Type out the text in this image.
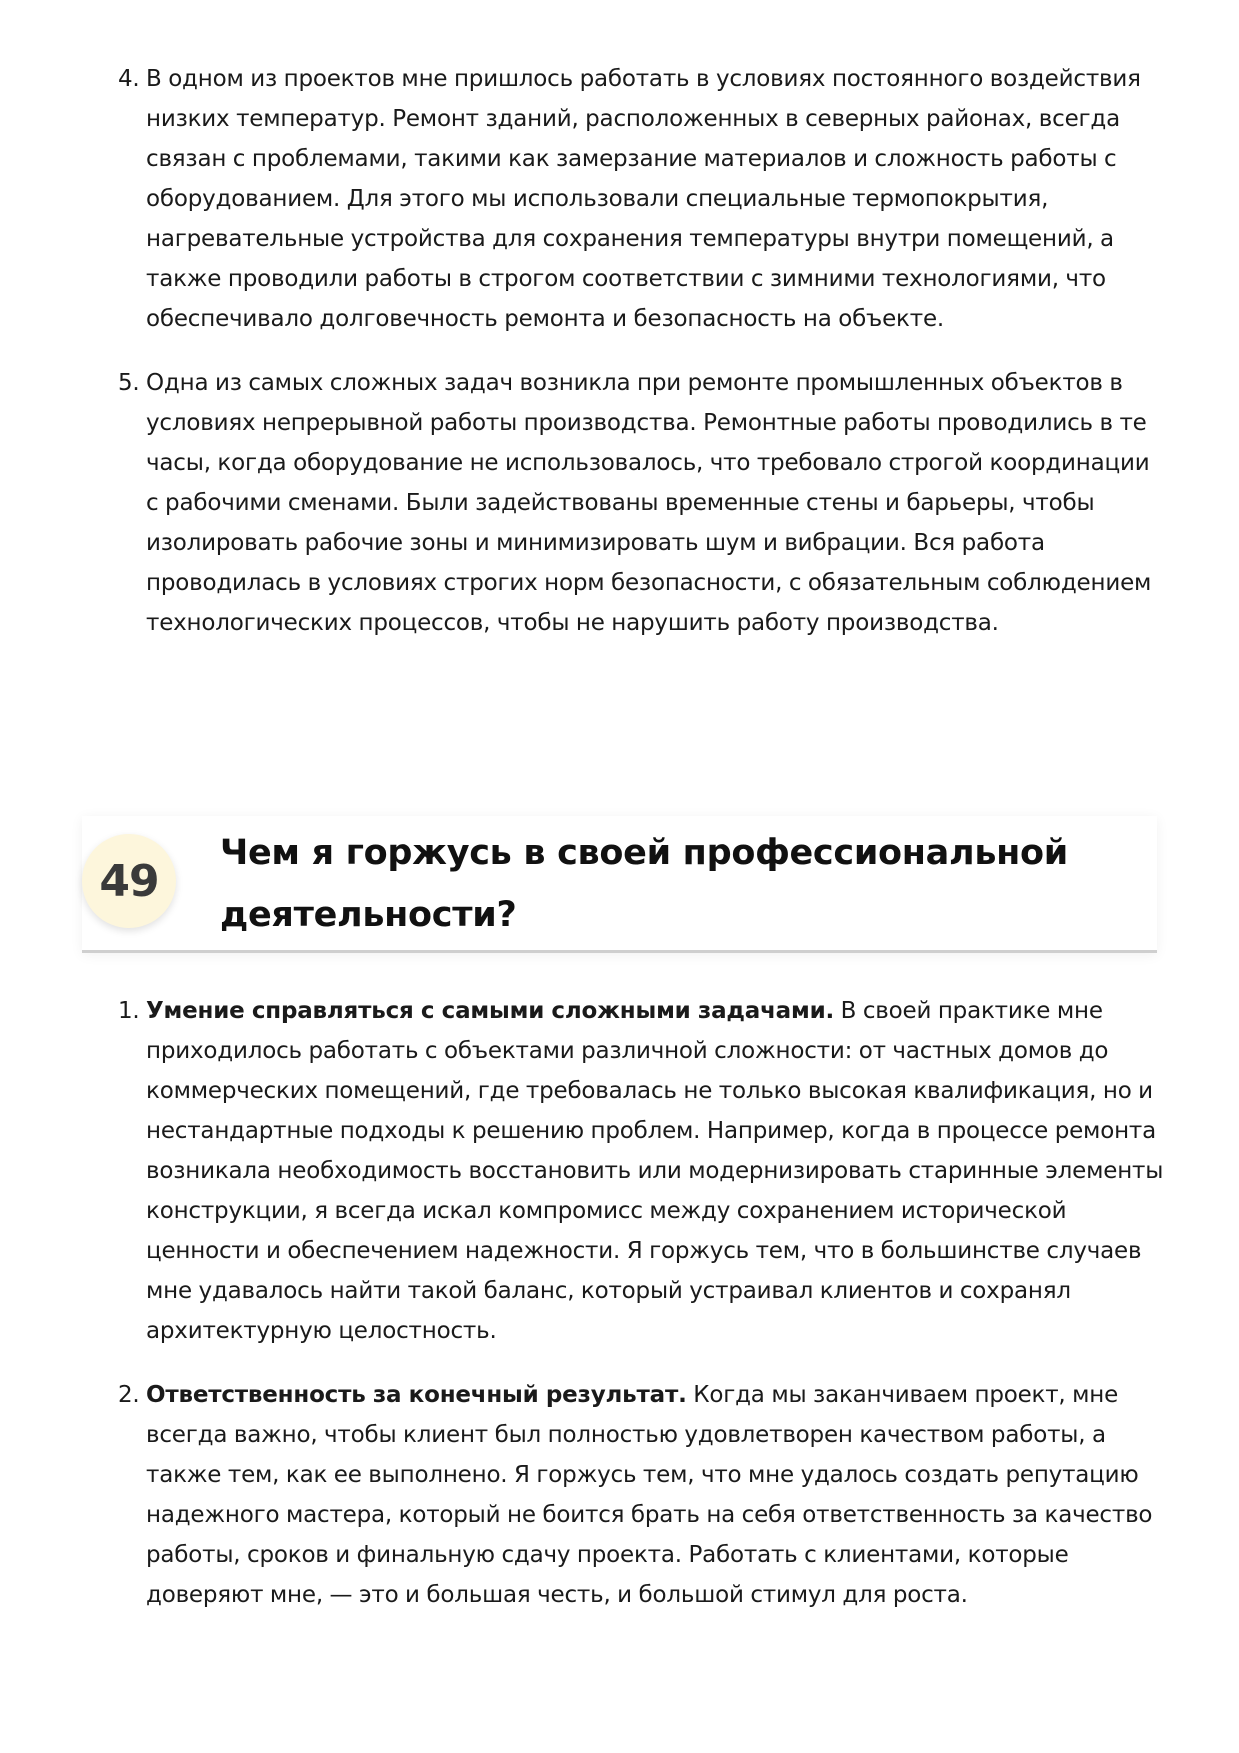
4. В одном из проектов мне пришлось работать в условиях постоянного воздействия низких температур. Ремонт зданий, расположенных в северных районах, всегда связан с проблемами, такими как замерзание материалов и сложность работы с оборудованием. Для этого мы использовали специальные термопокрытия, нагревательные устройства для сохранения температуры внутри помещений, а также проводили работы в строгом соответствии с зимними технологиями, что обеспечивало долговечность ремонта и безопасность на объекте.
5. Одна из самых сложных задач возникла при ремонте промышленных объектов в условиях непрерывной работы производства. Ремонтные работы проводились в те часы, когда оборудование не использовалось, что требовало строгой координации с рабочими сменами. Были задействованы временные стены и барьеры, чтобы изолировать рабочие зоны и минимизировать шум и вибрации. Вся работа проводилась в условиях строгих норм безопасности, с обязательным соблюдением технологических процессов, чтобы не нарушить работу производства.
49
Чем я горжусь в своей профессиональной деятельности?
1. Умение справляться с самыми сложными задачами. В своей практике мне приходилось работать с объектами различной сложности: от частных домов до коммерческих помещений, где требовалась не только высокая квалификация, но и нестандартные подходы к решению проблем. Например, когда в процессе ремонта возникала необходимость восстановить или модернизировать старинные элементы конструкции, я всегда искал компромисс между сохранением исторической ценности и обеспечением надежности. Я горжусь тем, что в большинстве случаев мне удавалось найти такой баланс, который устраивал клиентов и сохранял архитектурную целостность.
2. Ответственность за конечный результат. Когда мы заканчиваем проект, мне всегда важно, чтобы клиент был полностью удовлетворен качеством работы, а также тем, как ее выполнено. Я горжусь тем, что мне удалось создать репутацию надежного мастера, который не боится брать на себя ответственность за качество работы, сроков и финальную сдачу проекта. Работать с клиентами, которые доверяют мне, — это и большая честь, и большой стимул для роста.
